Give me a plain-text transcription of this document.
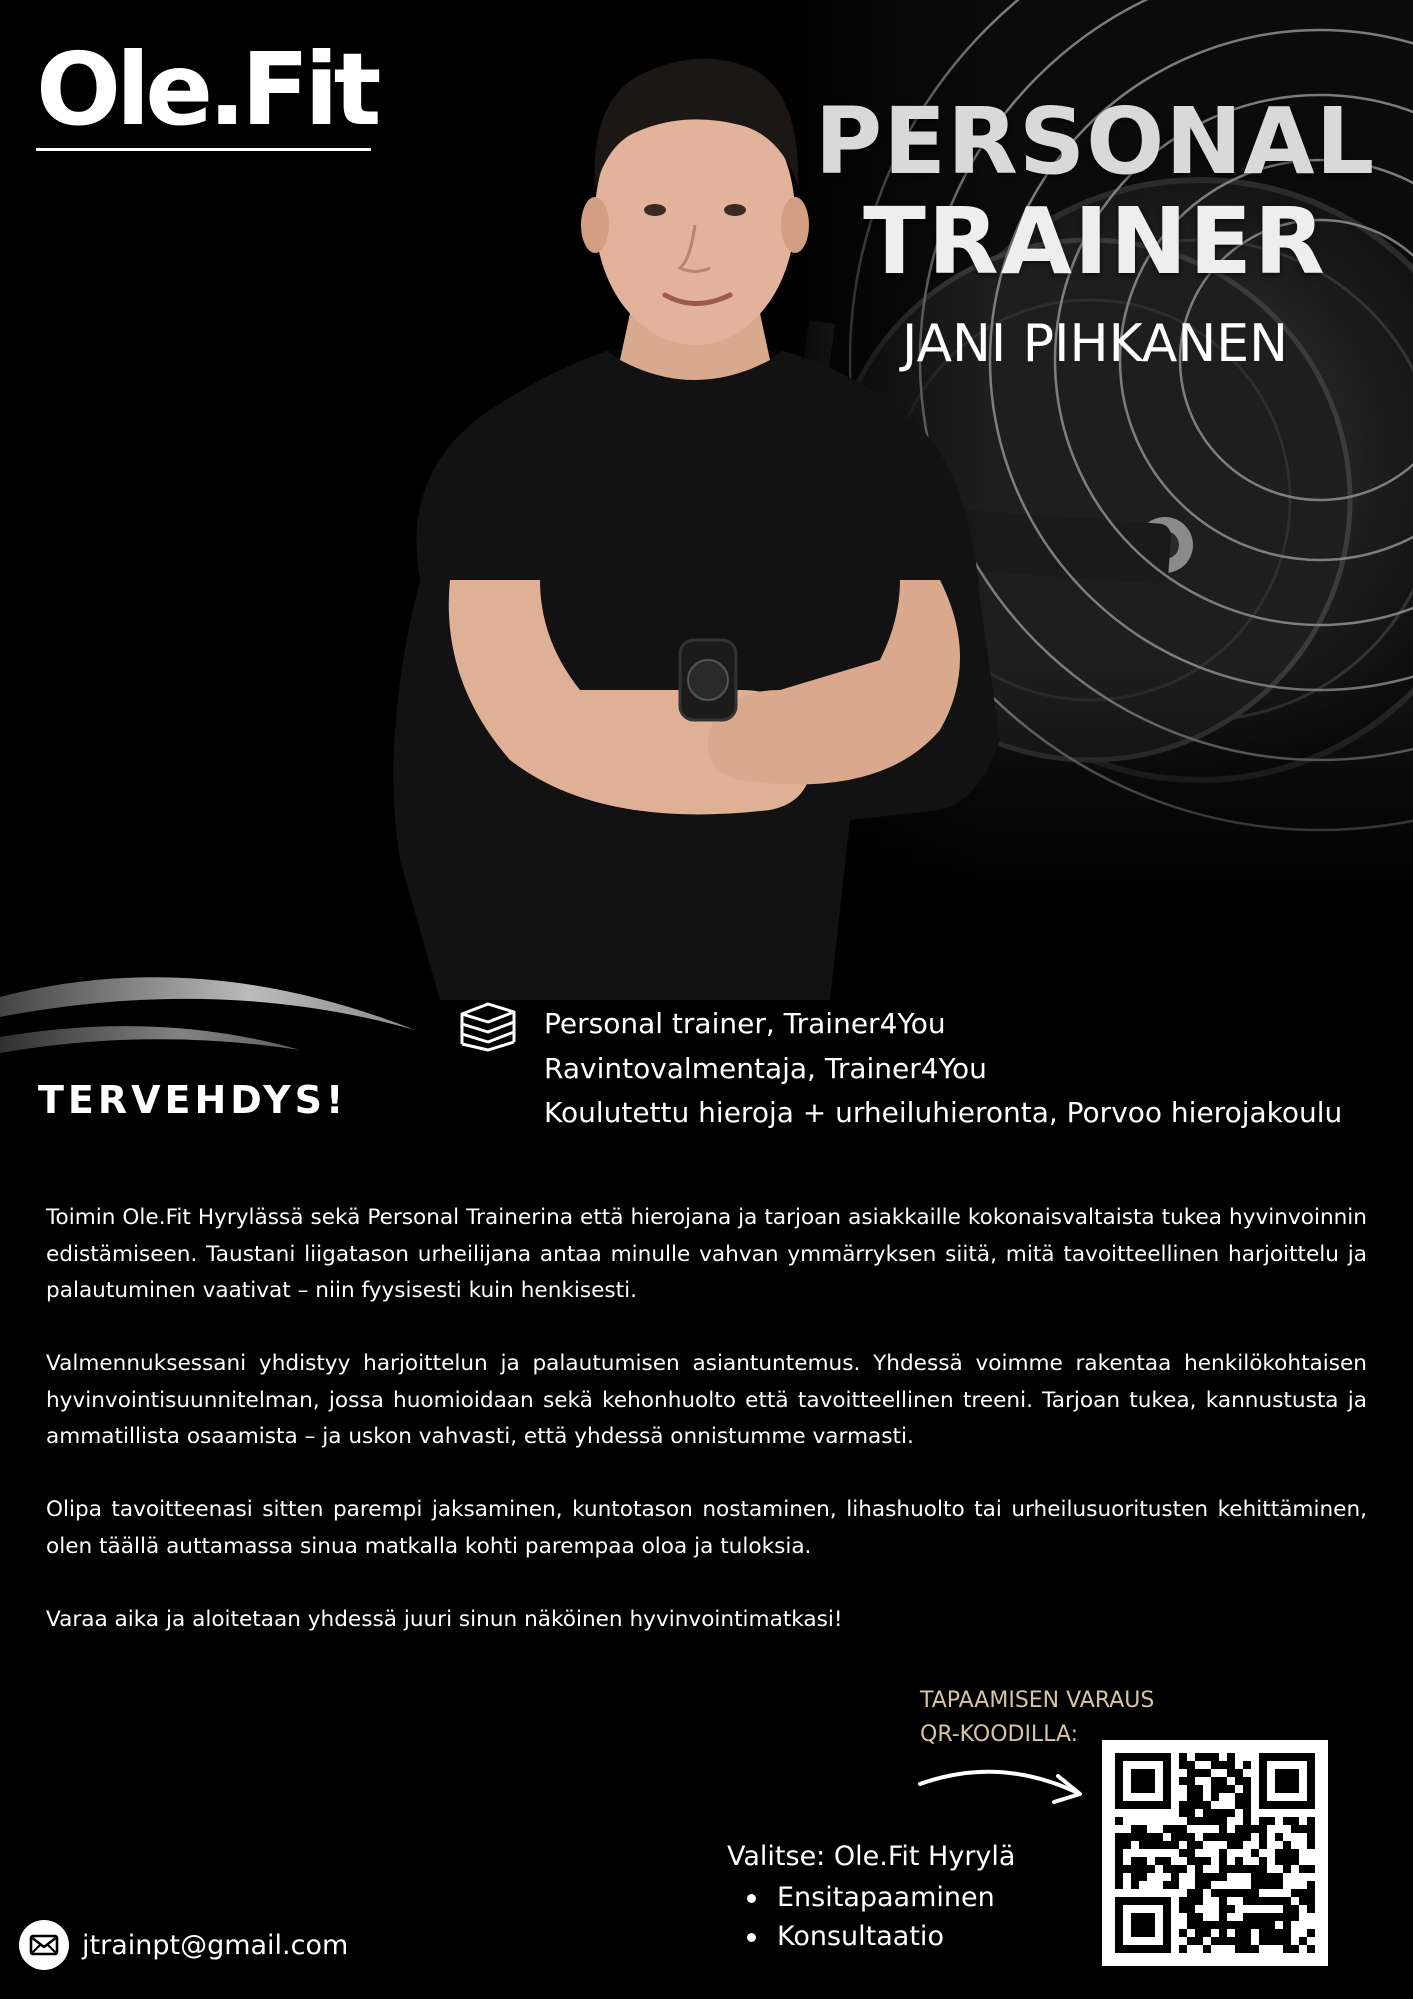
Ole.Fit	PERSONAL
TRAINER
JANI PIHKANEN
TERVEHDYS!
Personal trainer, Trainer4You
Ravintovalmentaja, Trainer4You
Koulutettu hieroja + urheiluhieronta, Porvoo hierojakoulu

Toimin Ole.Fit Hyrylässä sekä Personal Trainerina että hierojana ja tarjoan asiakkaille kokonaisvaltaista tukea hyvinvoinnin edistämiseen. Taustani liigatason urheilijana antaa minulle vahvan ymmärryksen siitä, mitä tavoitteellinen harjoittelu ja palautuminen vaativat – niin fyysisesti kuin henkisesti.

Valmennuksessani yhdistyy harjoittelun ja palautumisen asiantuntemus. Yhdessä voimme rakentaa henkilökohtaisen hyvinvointisuunnitelman, jossa huomioidaan sekä kehonhuolto että tavoitteellinen treeni. Tarjoan tukea, kannustusta ja ammatillista osaamista – ja uskon vahvasti, että yhdessä onnistumme varmasti.

Olipa tavoitteenasi sitten parempi jaksaminen, kuntotason nostaminen, lihashuolto tai urheilusuoritusten kehittäminen, olen täällä auttamassa sinua matkalla kohti parempaa oloa ja tuloksia.

Varaa aika ja aloitetaan yhdessä juuri sinun näköinen hyvinvointimatkasi!

TAPAAMISEN VARAUS
QR-KOODILLA:
Valitse: Ole.Fit Hyrylä
Ensitapaaminen
Konsultaatio
jtrainpt@gmail.com
